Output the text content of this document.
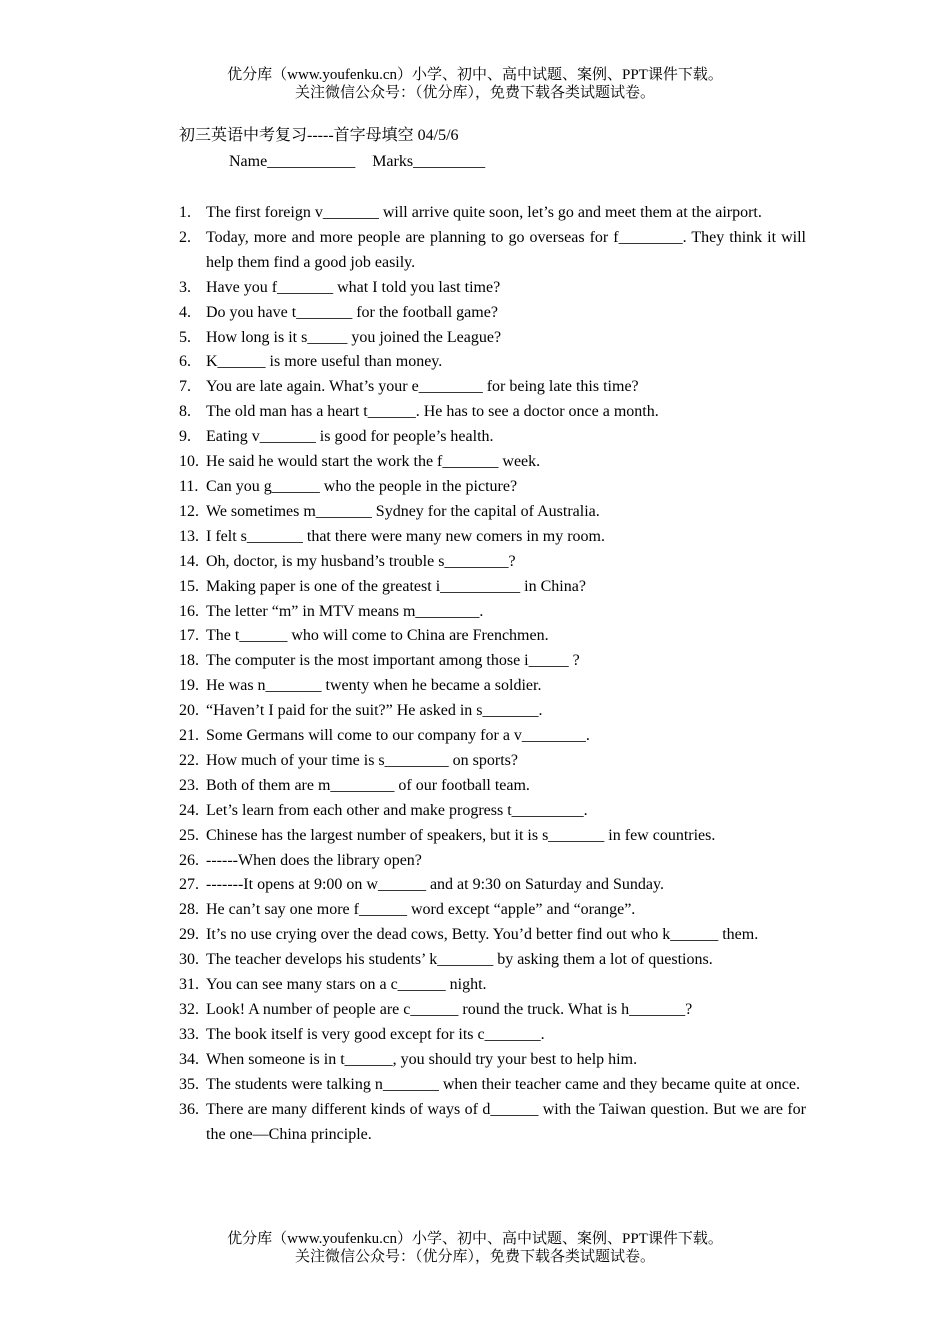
优分库（www.youfenku.cn）小学、初中、高中试题、案例、PPT课件下载。
关注微信公众号：（优分库），免费下载各类试题试卷。
初三英语中考复习-----首字母填空 04/5/6
Name___________ Marks_________
1. The first foreign v_______ will arrive quite soon, let’s go and meet them at the airport.
2. Today, more and more people are planning to go overseas for f________. They think it will help them find a good job easily.
3. Have you f_______ what I told you last time?
4. Do you have t_______ for the football game?
5. How long is it s_____ you joined the League?
6. K______ is more useful than money.
7. You are late again. What’s your e________ for being late this time?
8. The old man has a heart t______. He has to see a doctor once a month.
9. Eating v_______ is good for people’s health.
10. He said he would start the work the f_______ week.
11. Can you g______ who the people in the picture?
12. We sometimes m_______ Sydney for the capital of Australia.
13. I felt s_______ that there were many new comers in my room.
14. Oh, doctor, is my husband’s trouble s________?
15. Making paper is one of the greatest i__________ in China?
16. The letter “m” in MTV means m________.
17. The t______ who will come to China are Frenchmen.
18. The computer is the most important among those i_____ ?
19. He was n_______ twenty when he became a soldier.
20. “Haven’t I paid for the suit?” He asked in s_______.
21. Some Germans will come to our company for a v________.
22. How much of your time is s________ on sports?
23. Both of them are m________ of our football team.
24. Let’s learn from each other and make progress t_________.
25. Chinese has the largest number of speakers, but it is s_______ in few countries.
26. ------When does the library open?
27. -------It opens at 9:00 on w______ and at 9:30 on Saturday and Sunday.
28. He can’t say one more f______ word except “apple” and “orange”.
29. It’s no use crying over the dead cows, Betty. You’d better find out who k______ them.
30. The teacher develops his students’ k_______ by asking them a lot of questions.
31. You can see many stars on a c______ night.
32. Look! A number of people are c______ round the truck. What is h_______?
33. The book itself is very good except for its c_______.
34. When someone is in t______, you should try your best to help him.
35. The students were talking n_______ when their teacher came and they became quite at once.
36. There are many different kinds of ways of d______ with the Taiwan question. But we are for the one—China principle.
优分库（www.youfenku.cn）小学、初中、高中试题、案例、PPT课件下载。
关注微信公众号：（优分库），免费下载各类试题试卷。
